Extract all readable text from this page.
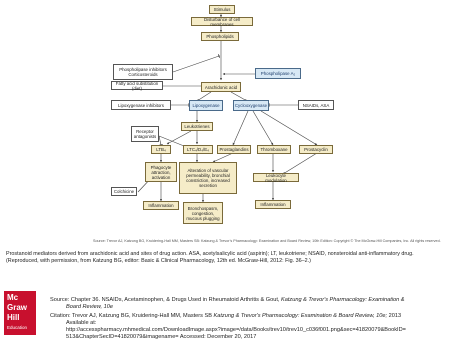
Stimulus
Disturbance of cell membranes
Phospholipids
Phospholipase inhibitors
Corticosteroids	Phospholipase A₂
Fatty acid substitution (diet)	Arachidonic acid
Lipoxygenase inhibitors	Lipoxygenase	Cyclooxygenase	NSAIDs, ASA
Receptor antagonists
Leukotrienes
LTB₄	LTC₄/D₄/E₄	Prostaglandins	Thromboxane	Prostacyclin
Phagocyte attraction, activation
Alteration of vascular permeability, bronchial constriction, increased secretion
Leukocyte modulation
Colchicine
Inflammation	Inflammation
Bronchospasm, congestion, mucous plugging
Source: Trevor AJ, Katzung BG, Kruidering-Hall MM, Masters SB: Katzung & Trevor’s Pharmacology: Examination and Board Review, 10th Edition: Copyright © The McGraw-Hill Companies, Inc. All rights reserved.
Prostanoid mediators derived from arachidonic acid and sites of drug action. ASA, acetylsalicylic acid (aspirin); LT, leukotriene; NSAID, nonsteroidal anti-inflammatory drug. (Reproduced, with permission, from Katzung BG, editor: Basic & Clinical Pharmacology, 12th ed. McGraw-Hill, 2012: Fig. 36–2.)
Mc
Graw
Hill
Education

Source: Chapter 36. NSAIDs, Acetaminophen, & Drugs Used in Rheumatoid Arthritis & Gout, Katzung & Trevor's Pharmacology: Examination &
Board Review, 10e

Citation: Trevor AJ, Katzung BG, Kruidering-Hall MM, Masters SB Katzung & Trevor's Pharmacology: Examination & Board Review, 10e; 2013
Available at:
http://accesspharmacy.mhmedical.com/DownloadImage.aspx?image=/data/Books/trev10/trev10_c036f001.png&sec=41820079&BookID=
513&ChapterSecID=41820079&imagename= Accessed: December 20, 2017
